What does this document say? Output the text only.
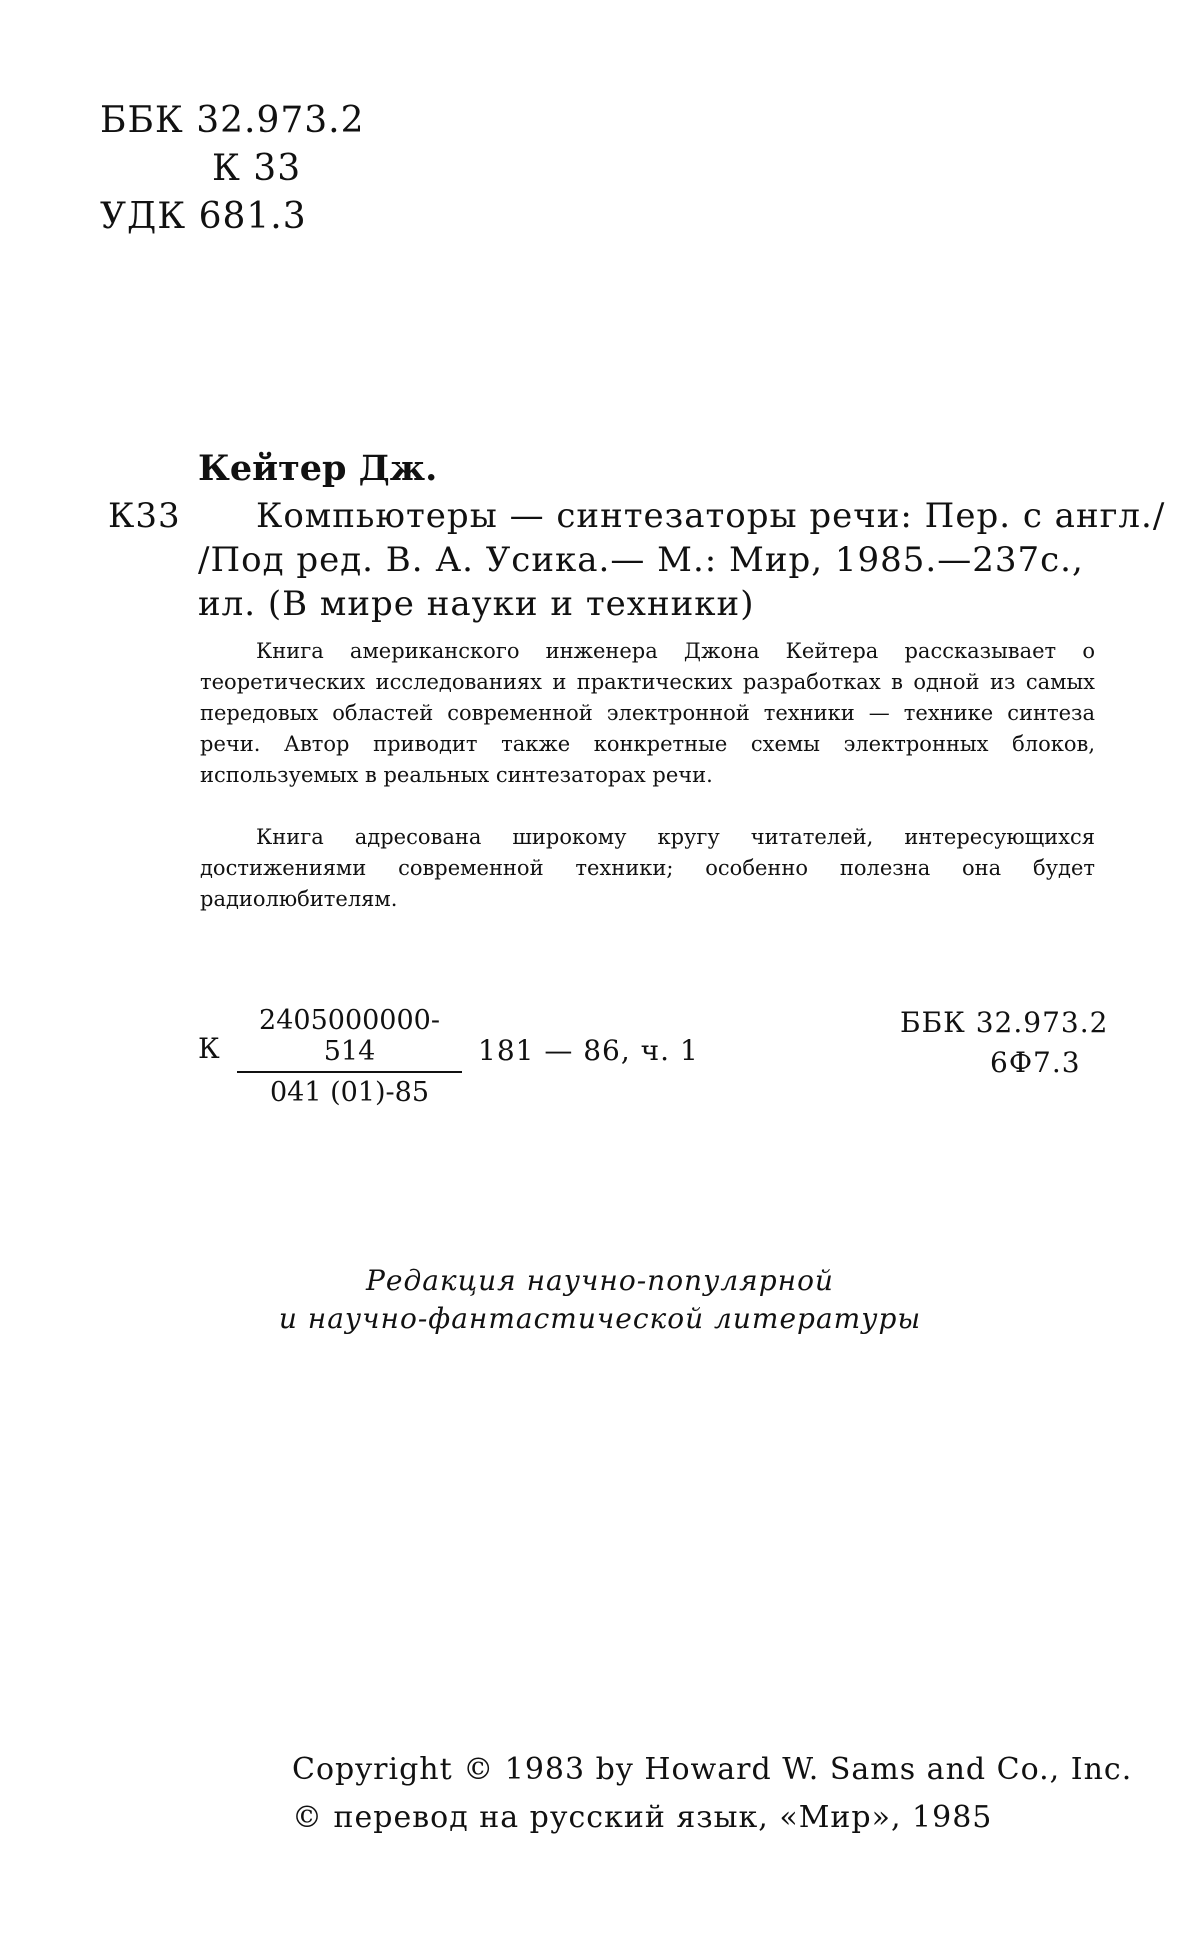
ББК 32.973.2
К 33
УДК 681.3
Кейтер Дж.
К33 Компьютеры — синтезаторы речи: Пер. с англ./
/Под ред. В. А. Усика.— М.: Мир, 1985.—237с.,
ил. (В мире науки и техники)

Книга американского инженера Джона Кейтера рассказывает о теоретических исследованиях и практических разработках в одной из самых передовых областей современной электронной техники — технике синтеза речи. Автор приводит также конкретные схемы электронных блоков, используемых в реальных синтезаторах речи.

Книга адресована широкому кругу читателей, интересующихся достижениями современной техники; особенно полезна она будет радиолюбителям.

К $\frac{2405000000-514}{041 (01)-85} 181$ — 86, ч. 1
ББК 32.973.2
6Ф7.3
Редакция научно-популярной
и научно-фантастической литературы
Copyright © 1983 by Howard W. Sams and Co., Inc.
© перевод на русский язык, «Мир», 1985
